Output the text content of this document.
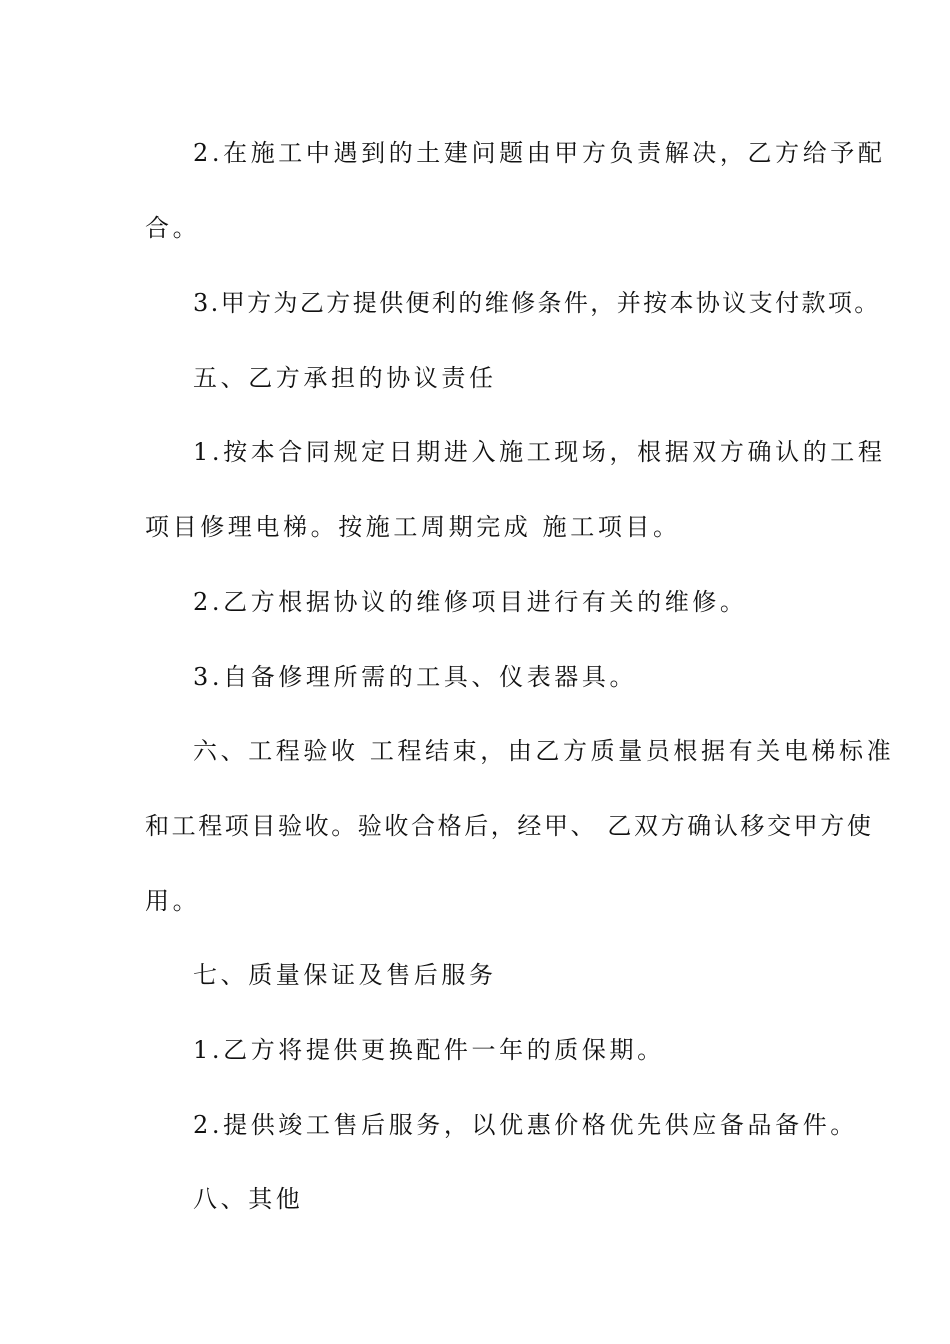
2.在施工中遇到的土建问题由甲方负责解决，乙方给予配
合。
3.甲方为乙方提供便利的维修条件，并按本协议支付款项。
五、乙方承担的协议责任
1.按本合同规定日期进入施工现场，根据双方确认的工程
项目修理电梯。按施工周期完成 施工项目。
2.乙方根据协议的维修项目进行有关的维修。
3.自备修理所需的工具、仪表器具。
六、工程验收 工程结束，由乙方质量员根据有关电梯标准
和工程项目验收。验收合格后，经甲、 乙双方确认移交甲方使
用。
七、质量保证及售后服务
1.乙方将提供更换配件一年的质保期。
2.提供竣工售后服务，以优惠价格优先供应备品备件。
八、其他
